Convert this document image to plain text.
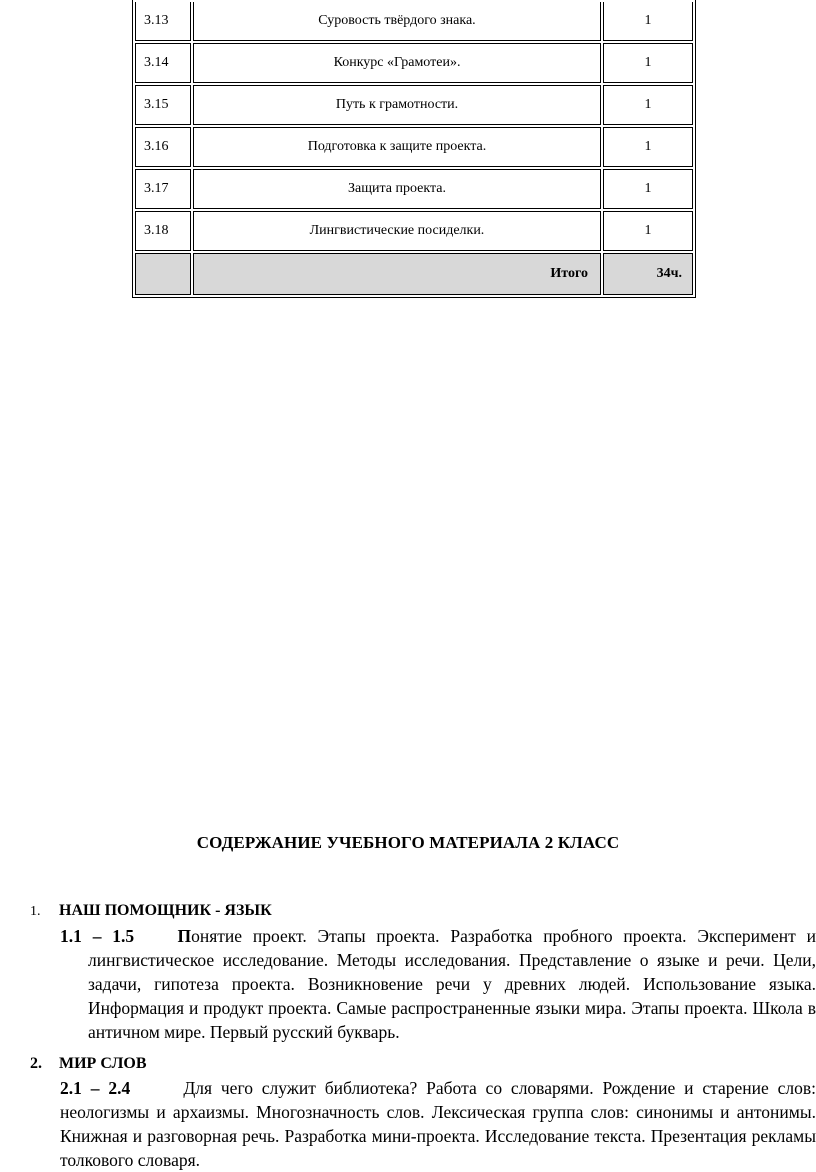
3.13	Суровость твёрдого знака.	1
3.14	Конкурс «Грамотеи».	1
3.15	Путь к грамотности.	1
3.16	Подготовка к защите проекта.	1
3.17	Защита проекта.	1
3.18	Лингвистические посиделки.	1
	Итого	34ч.
СОДЕРЖАНИЕ УЧЕБНОГО МАТЕРИАЛА 2 КЛАСС
1. НАШ ПОМОЩНИК - ЯЗЫК
1.1 – 1.5 Понятие проект. Этапы проекта. Разработка пробного проекта. Эксперимент и лингвистическое исследование. Методы исследования. Представление о языке и речи. Цели, задачи, гипотеза проекта. Возникновение речи у древних людей. Использование языка. Информация и продукт проекта. Самые распространенные языки мира. Этапы проекта. Школа в античном мире. Первый русский букварь.
2. МИР СЛОВ
2.1 – 2.4	Для чего служит библиотека? Работа со словарями. Рождение и старение слов: неологизмы и архаизмы. Многозначность слов. Лексическая группа слов: синонимы и антонимы. Книжная и разговорная речь. Разработка мини-проекта. Исследование текста. Презентация рекламы толкового словаря.
